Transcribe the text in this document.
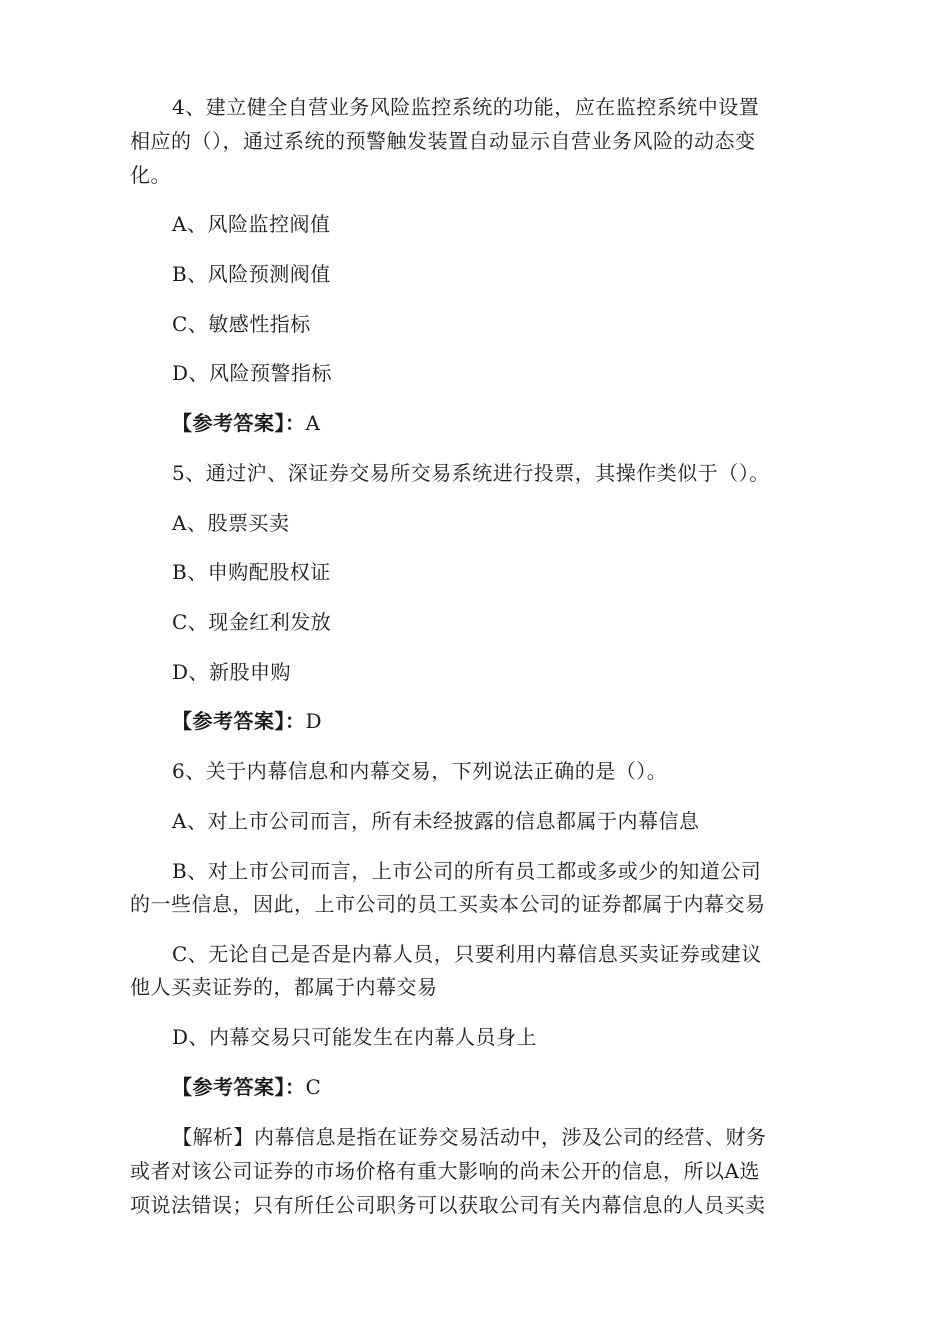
4、建立健全自营业务风险监控系统的功能，应在监控系统中设置
相应的（），通过系统的预警触发装置自动显示自营业务风险的动态变
化。
A、风险监控阀值
B、风险预测阀值
C、敏感性指标
D、风险预警指标
【参考答案】：A
5、通过沪、深证券交易所交易系统进行投票，其操作类似于（）。
A、股票买卖
B、申购配股权证
C、现金红利发放
D、新股申购
【参考答案】：D
6、关于内幕信息和内幕交易，下列说法正确的是（）。
A、对上市公司而言，所有未经披露的信息都属于内幕信息
B、对上市公司而言，上市公司的所有员工都或多或少的知道公司
的一些信息，因此，上市公司的员工买卖本公司的证券都属于内幕交易
C、无论自己是否是内幕人员，只要利用内幕信息买卖证券或建议
他人买卖证券的，都属于内幕交易
D、内幕交易只可能发生在内幕人员身上
【参考答案】：C
【解析】内幕信息是指在证券交易活动中，涉及公司的经营、财务
或者对该公司证券的市场价格有重大影响的尚未公开的信息，所以A选
项说法错误；只有所任公司职务可以获取公司有关内幕信息的人员买卖
